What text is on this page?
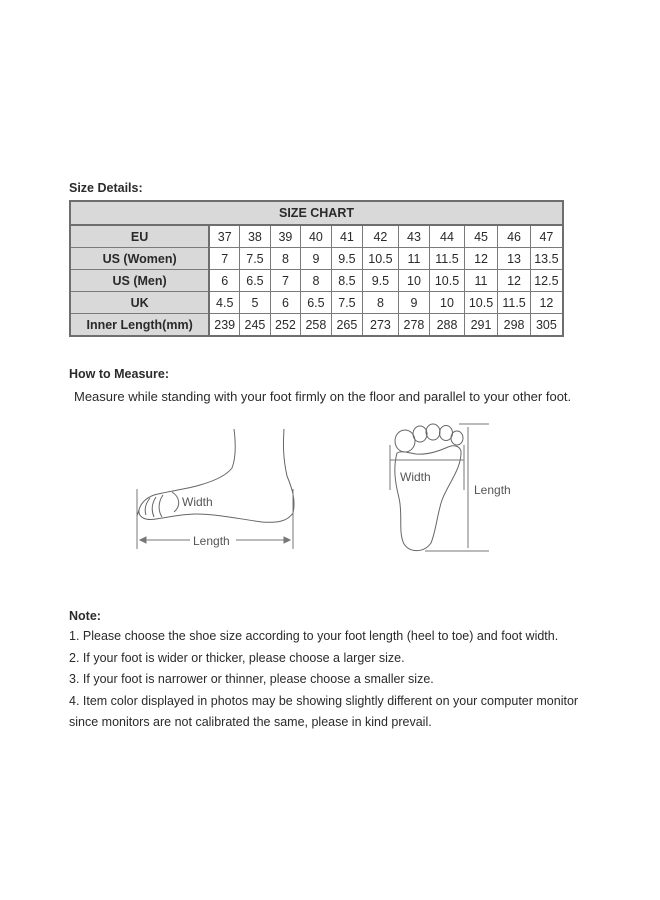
Size Details:
SIZE CHART											
EU	37	38	39	40	41	42	43	44	45	46	47
US (Women)	7	7.5	8	9	9.5	10.5	11	11.5	12	13	13.5
US (Men)	6	6.5	7	8	8.5	9.5	10	10.5	11	12	12.5
UK	4.5	5	6	6.5	7.5	8	9	10	10.5	11.5	12
Inner Length(mm)	239	245	252	258	265	273	278	288	291	298	305
How to Measure:
Measure while standing with your foot firmly on the floor and parallel to your other foot.
Width
Length
Width
Length
Note:

1. Please choose the shoe size according to your foot length (heel to toe) and foot width.

2. If your foot is wider or thicker, please choose a larger size.

3. If your foot is narrower or thinner, please choose a smaller size.

4. Item color displayed in photos may be showing slightly different on your computer monitor

since monitors are not calibrated the same, please in kind prevail.
